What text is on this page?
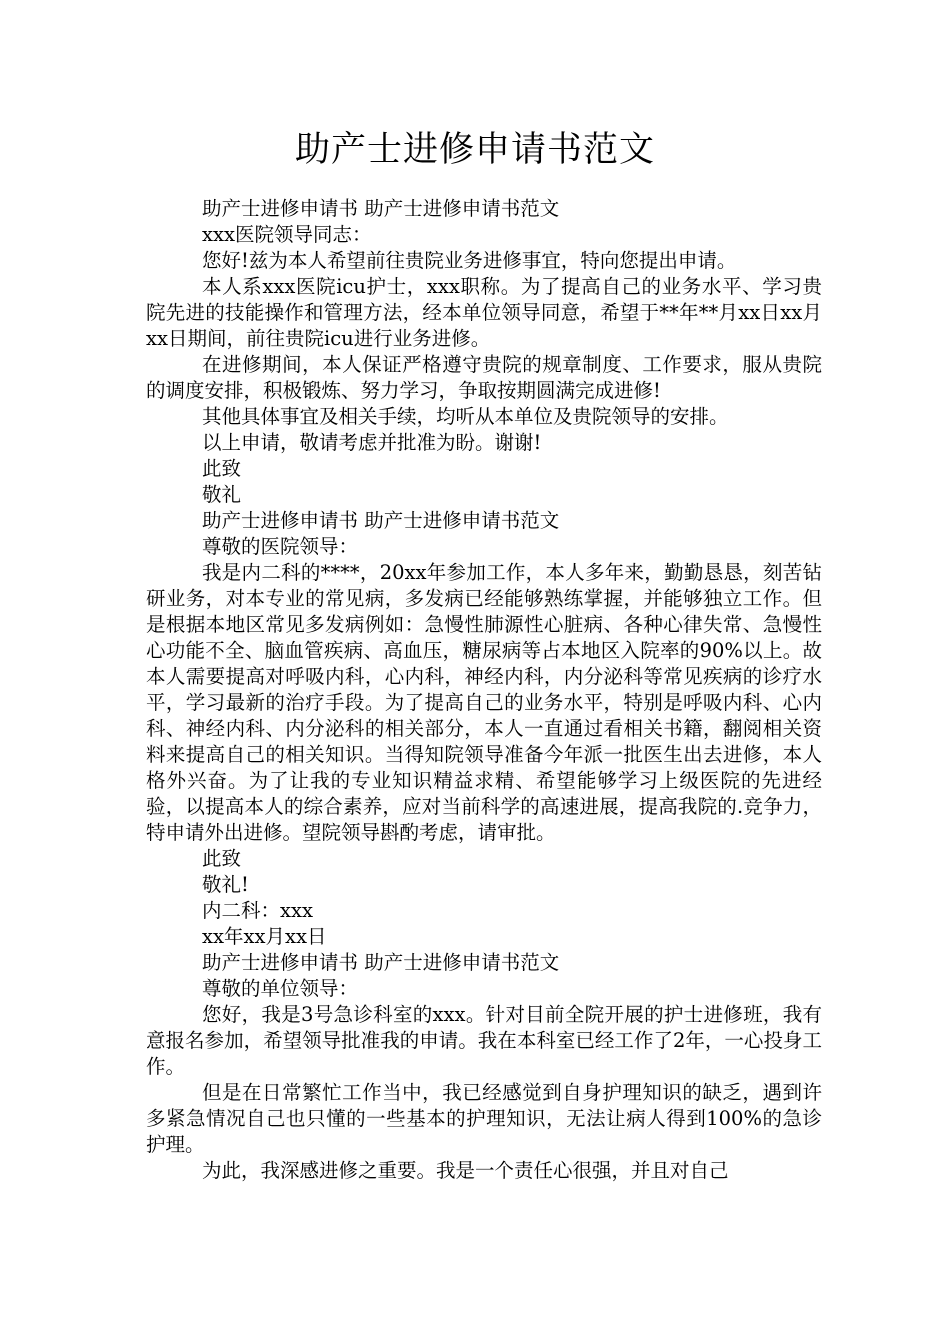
助产士进修申请书范文

助产士进修申请书 助产士进修申请书范文

xxx医院领导同志：

您好!兹为本人希望前往贵院业务进修事宜，特向您提出申请。

本人系xxx医院icu护士，xxx职称。为了提高自己的业务水平、学习贵院先进的技能操作和管理方法，经本单位领导同意，希望于**年**月xx日xx月xx日期间，前往贵院icu进行业务进修。

在进修期间，本人保证严格遵守贵院的规章制度、工作要求，服从贵院的调度安排，积极锻炼、努力学习，争取按期圆满完成进修!

其他具体事宜及相关手续，均听从本单位及贵院领导的安排。

以上申请，敬请考虑并批准为盼。谢谢!

此致

敬礼

助产士进修申请书 助产士进修申请书范文

尊敬的医院领导：

我是内二科的****，20xx年参加工作，本人多年来，勤勤恳恳，刻苦钻研业务，对本专业的常见病，多发病已经能够熟练掌握，并能够独立工作。但是根据本地区常见多发病例如：急慢性肺源性心脏病、各种心律失常、急慢性心功能不全、脑血管疾病、高血压，糖尿病等占本地区入院率的90%以上。故本人需要提高对呼吸内科，心内科，神经内科，内分泌科等常见疾病的诊疗水平，学习最新的治疗手段。为了提高自己的业务水平，特别是呼吸内科、心内科、神经内科、内分泌科的相关部分，本人一直通过看相关书籍，翻阅相关资料来提高自己的相关知识。当得知院领导准备今年派一批医生出去进修，本人格外兴奋。为了让我的专业知识精益求精、希望能够学习上级医院的先进经验，以提高本人的综合素养，应对当前科学的高速进展，提高我院的.竞争力，特申请外出进修。望院领导斟酌考虑，请审批。

此致

敬礼!

内二科：xxx

xx年xx月xx日

助产士进修申请书 助产士进修申请书范文

尊敬的单位领导：

您好，我是3号急诊科室的xxx。针对目前全院开展的护士进修班，我有意报名参加，希望领导批准我的申请。我在本科室已经工作了2年，一心投身工作。

但是在日常繁忙工作当中，我已经感觉到自身护理知识的缺乏，遇到许多紧急情况自己也只懂的一些基本的护理知识，无法让病人得到100%的急诊护理。

为此，我深感进修之重要。我是一个责任心很强，并且对自己
